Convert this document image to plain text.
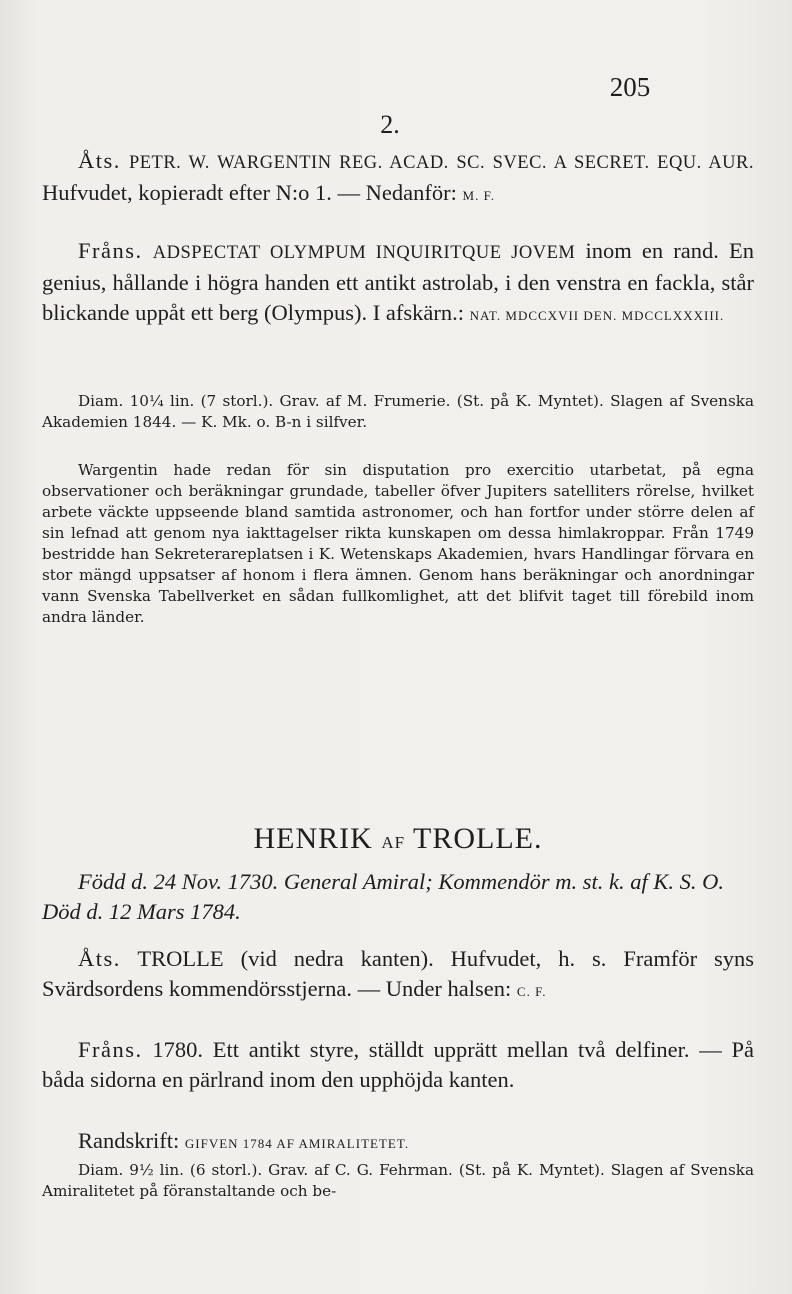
205
2.

Åts. PETR. W. WARGENTIN REG. ACAD. SC. SVEC. A SECRET. EQU. AUR. Hufvudet, kopieradt efter N:o 1. — Nedanför: M. F.

Fråns. ADSPECTAT OLYMPUM INQUIRITQUE JOVEM inom en rand. En genius, hållande i högra handen ett antikt astrolab, i den venstra en fackla, står blickande uppåt ett berg (Olympus). I afskärn.: NAT. MDCCXVII DEN. MDCCLXXXIII.

Diam. 10¼ lin. (7 storl.). Grav. af M. Frumerie. (St. på K. Myntet). Slagen af Svenska Akademien 1844. — K. Mk. o. B-n i silfver.

Wargentin hade redan för sin disputation pro exercitio utarbetat, på egna observationer och beräkningar grundade, tabeller öfver Jupiters satelliters rörelse, hvilket arbete väckte uppseende bland samtida astronomer, och han fortfor under större delen af sin lefnad att genom nya iakttagelser rikta kunskapen om dessa himlakroppar. Från 1749 bestridde han Sekreterareplatsen i K. Wetenskaps Akademien, hvars Handlingar förvara en stor mängd uppsatser af honom i flera ämnen. Genom hans beräkningar och anordningar vann Svenska Tabellverket en sådan fullkomlighet, att det blifvit taget till förebild inom andra länder.

HENRIK AF TROLLE.
Född d. 24 Nov. 1730. General Amiral; Kommendör m. st. k. af K. S. O. Död d. 12 Mars 1784.

Åts. TROLLE (vid nedra kanten). Hufvudet, h. s. Framför syns Svärdsordens kommendörsstjerna. — Under halsen: C. F.

Fråns. 1780. Ett antikt styre, ställdt upprätt mellan två delfiner. — På båda sidorna en pärlrand inom den upphöjda kanten.

Randskrift: GIFVEN 1784 AF AMIRALITETET.

Diam. 9½ lin. (6 storl.). Grav. af C. G. Fehrman. (St. på K. Myntet). Slagen af Svenska Amiralitetet på föranstaltande och be-
